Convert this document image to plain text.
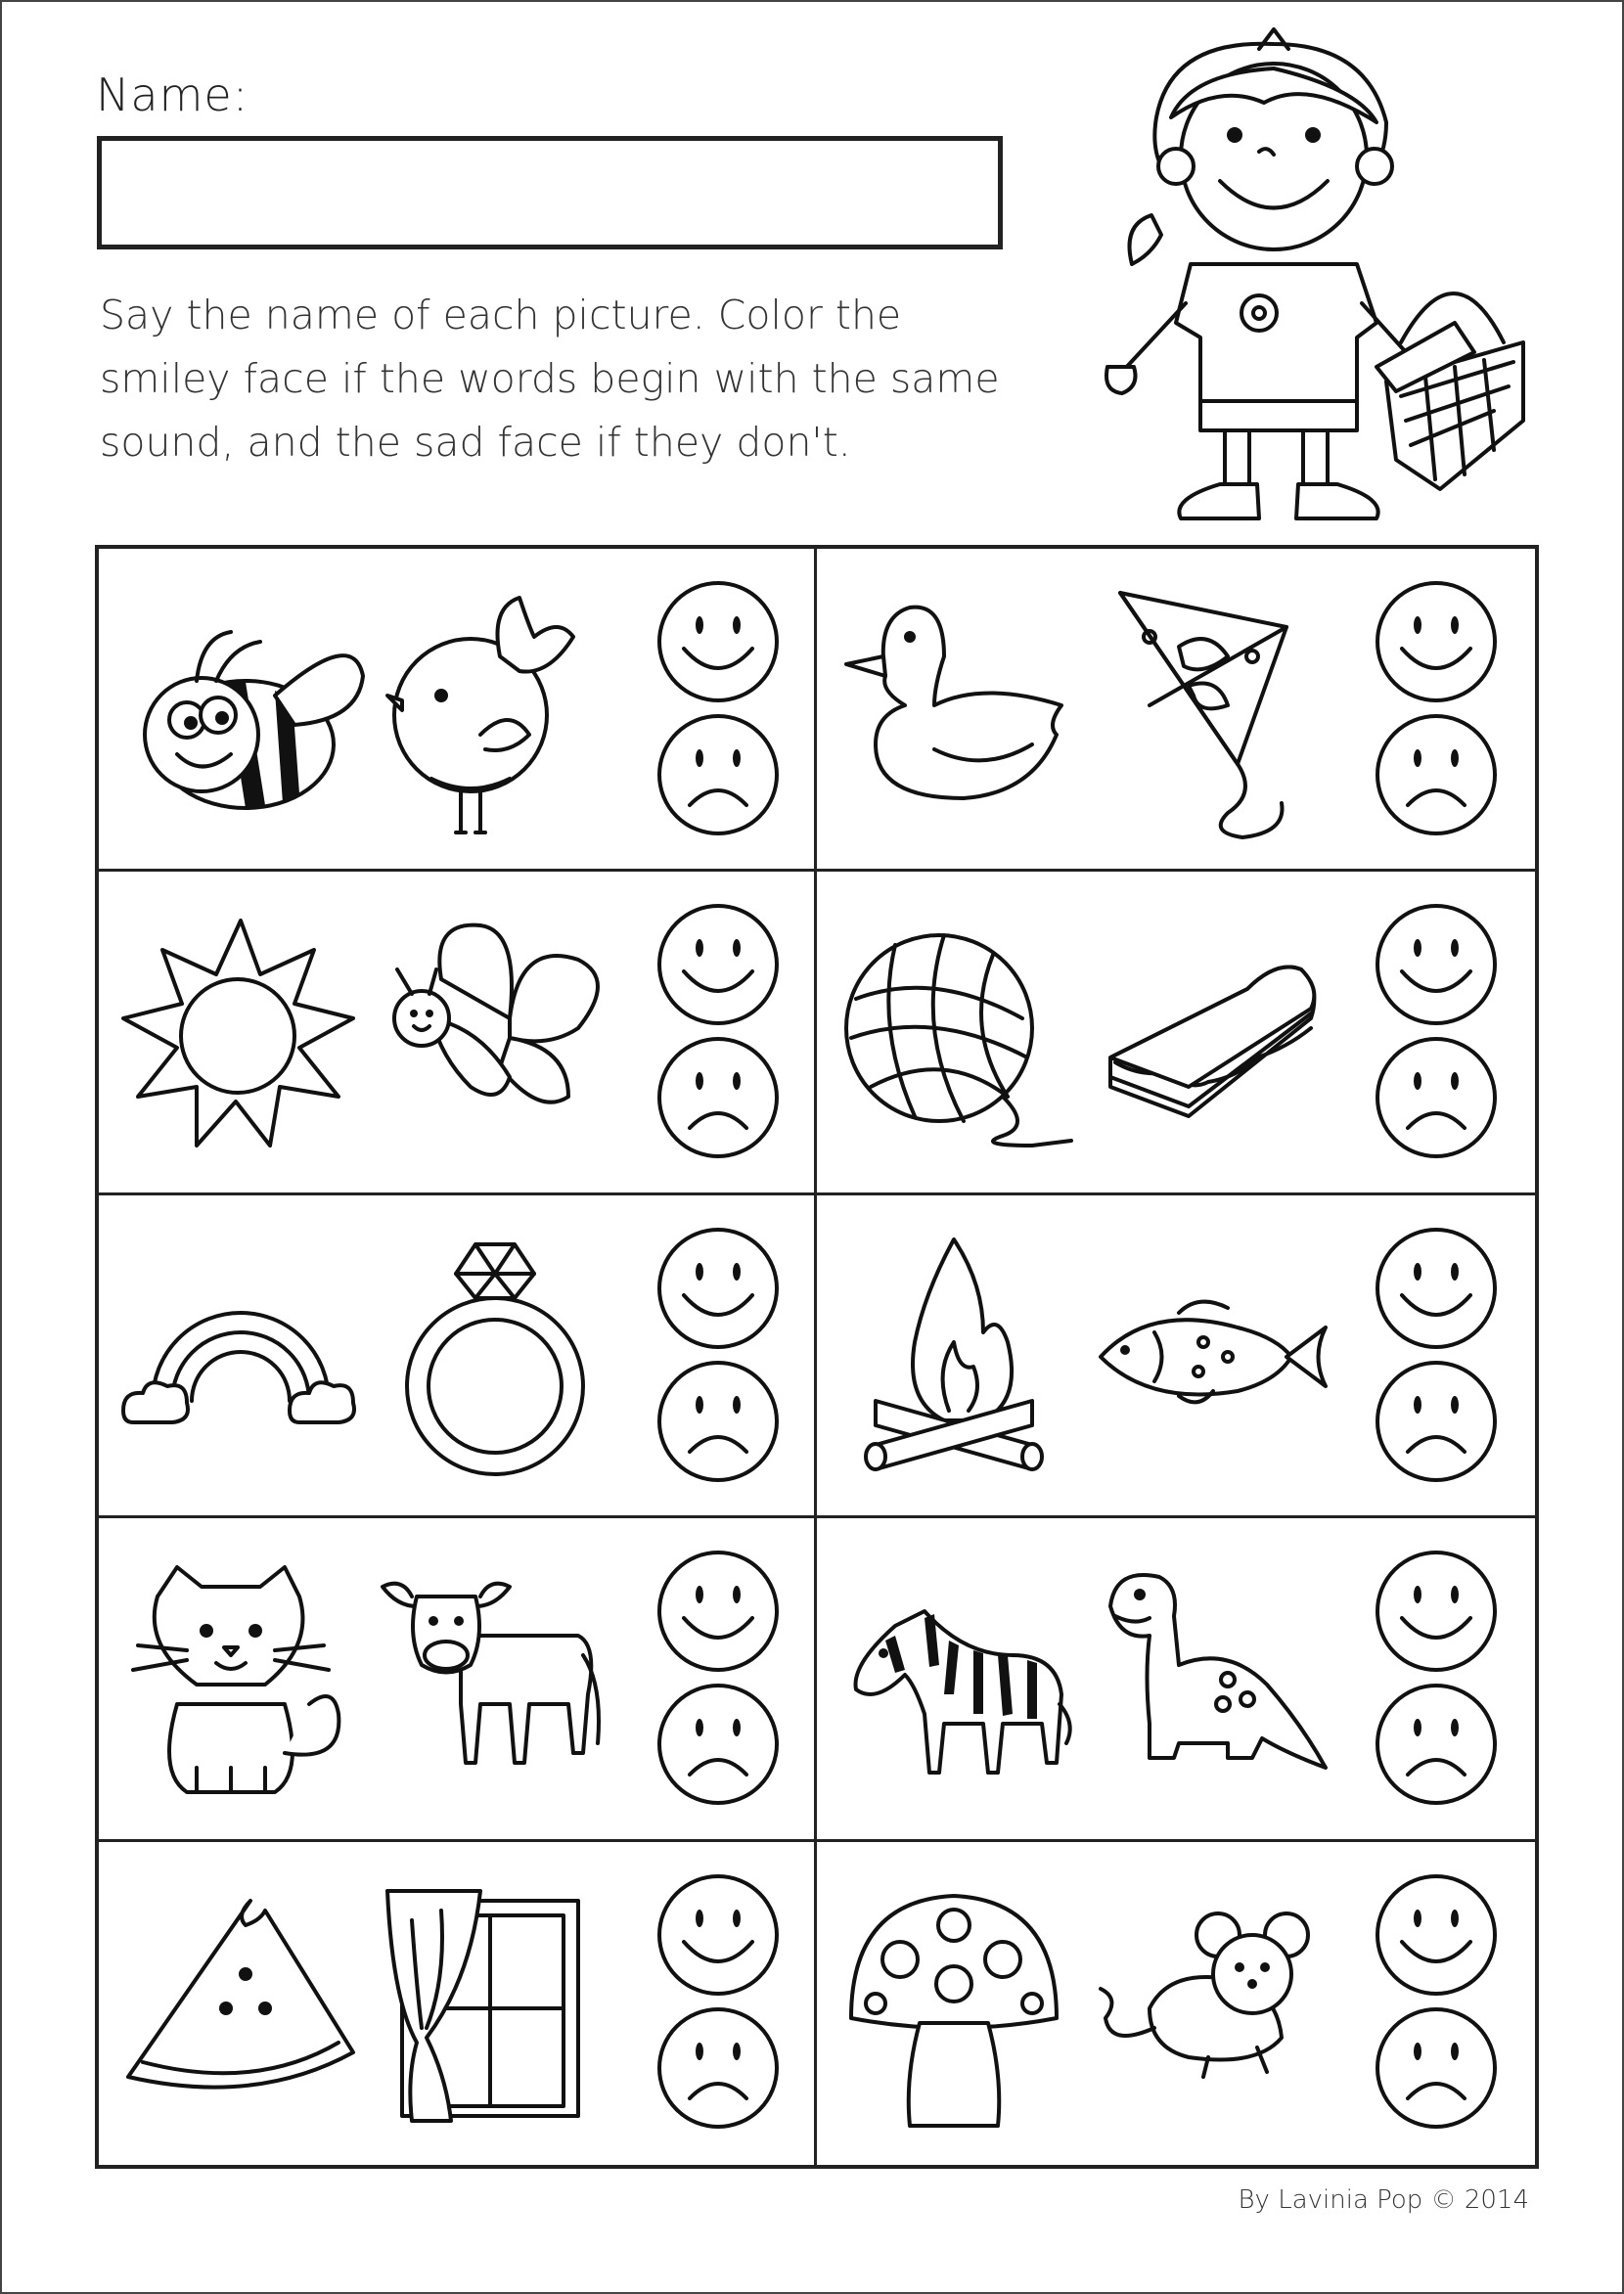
Name:
Say the name of each picture. Color the smiley face if the words begin with the same sound, and the sad face if they don't.
By Lavinia Pop © 2014
